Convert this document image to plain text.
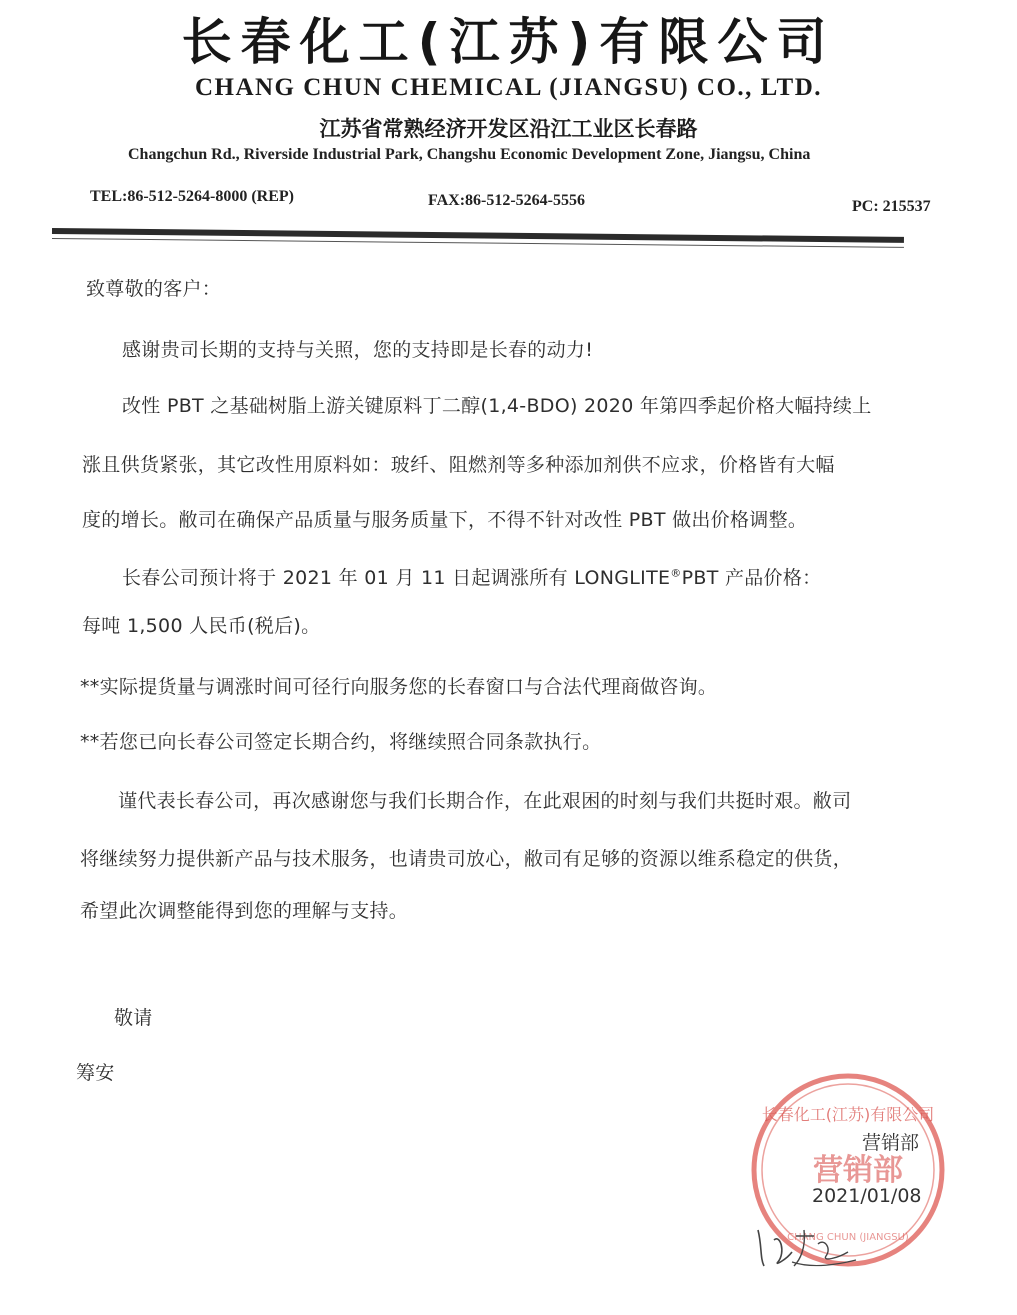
长春化工(江苏)有限公司
CHANG CHUN CHEMICAL (JIANGSU) CO., LTD.
江苏省常熟经济开发区沿江工业区长春路
Changchun Rd., Riverside Industrial Park, Changshu Economic Development Zone, Jiangsu, China
TEL:86-512-5264-8000 (REP)	FAX:86-512-5264-5556	PC: 215537
致尊敬的客户：
感谢贵司长期的支持与关照，您的支持即是长春的动力!
改性 PBT 之基础树脂上游关键原料丁二醇(1,4-BDO) 2020 年第四季起价格大幅持续上
涨且供货紧张，其它改性用原料如：玻纤、阻燃剂等多种添加剂供不应求，价格皆有大幅
度的增长。敝司在确保产品质量与服务质量下，不得不针对改性 PBT 做出价格调整。
长春公司预计将于 2021 年 01 月 11 日起调涨所有 LONGLITE®PBT 产品价格：
每吨 1,500 人民币(税后)。
**实际提货量与调涨时间可径行向服务您的长春窗口与合法代理商做咨询。
**若您已向长春公司签定长期合约，将继续照合同条款执行。
谨代表长春公司，再次感谢您与我们长期合作，在此艰困的时刻与我们共挺时艰。敝司
将继续努力提供新产品与技术服务，也请贵司放心，敝司有足够的资源以维系稳定的供货，
希望此次调整能得到您的理解与支持。
敬请
筹安
长春化工(江苏)有限公司
营销部
CHANG CHUN (JIANGSU)
营销部
2021/01/08
